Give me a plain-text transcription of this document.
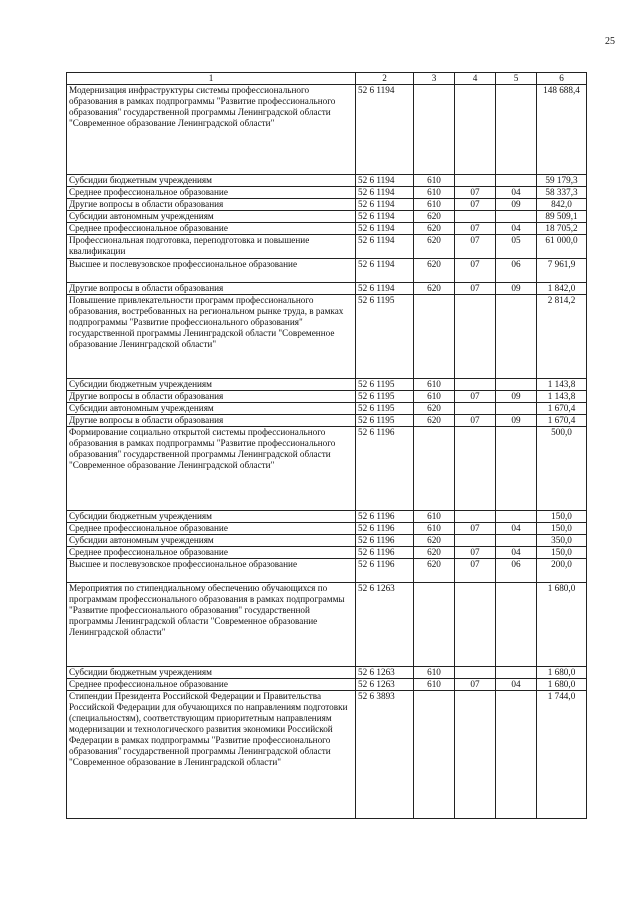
25
1	2	3	4	5	6
Модернизация инфраструктуры системы профессионального образования в рамках подпрограммы "Развитие профессионального образования" государственной программы Ленинградской области "Современное образование Ленинградской области"	52 6 1194				148 688,4
Субсидии бюджетным учреждениям	52 6 1194	610			59 179,3
Среднее профессиональное образование	52 6 1194	610	07	04	58 337,3
Другие вопросы в области образования	52 6 1194	610	07	09	842,0
Субсидии автономным учреждениям	52 6 1194	620			89 509,1
Среднее профессиональное образование	52 6 1194	620	07	04	18 705,2
Профессиональная подготовка, переподготовка и повышение квалификации	52 6 1194	620	07	05	61 000,0
Высшее и послевузовское профессиональное образование	52 6 1194	620	07	06	7 961,9
Другие вопросы в области образования	52 6 1194	620	07	09	1 842,0
Повышение привлекательности программ профессионального образования, востребованных на региональном рынке труда, в рамках подпрограммы "Развитие профессионального образования" государственной программы Ленинградской области "Современное образование Ленинградской области"	52 6 1195				2 814,2
Субсидии бюджетным учреждениям	52 6 1195	610			1 143,8
Другие вопросы в области образования	52 6 1195	610	07	09	1 143,8
Субсидии автономным учреждениям	52 6 1195	620			1 670,4
Другие вопросы в области образования	52 6 1195	620	07	09	1 670,4
Формирование социально открытой системы профессионального образования в рамках подпрограммы "Развитие профессионального образования" государственной программы Ленинградской области "Современное образование Ленинградской области"	52 6 1196				500,0
Субсидии бюджетным учреждениям	52 6 1196	610			150,0
Среднее профессиональное образование	52 6 1196	610	07	04	150,0
Субсидии автономным учреждениям	52 6 1196	620			350,0
Среднее профессиональное образование	52 6 1196	620	07	04	150,0
Высшее и послевузовское профессиональное образование	52 6 1196	620	07	06	200,0
Мероприятия по стипендиальному обеспечению обучающихся по программам профессионального образования в рамках подпрограммы "Развитие профессионального образования" государственной программы Ленинградской области "Современное образование Ленинградской области"	52 6 1263				1 680,0
Субсидии бюджетным учреждениям	52 6 1263	610			1 680,0
Среднее профессиональное образование	52 6 1263	610	07	04	1 680,0
Стипендии Президента Российской Федерации и Правительства Российской Федерации для обучающихся по направлениям подготовки (специальностям), соответствующим приоритетным направлениям модернизации и технологического развития экономики Российской Федерации в рамках подпрограммы "Развитие профессионального образования" государственной программы Ленинградской области "Современное образование в Ленинградской области"	52 6 3893				1 744,0
